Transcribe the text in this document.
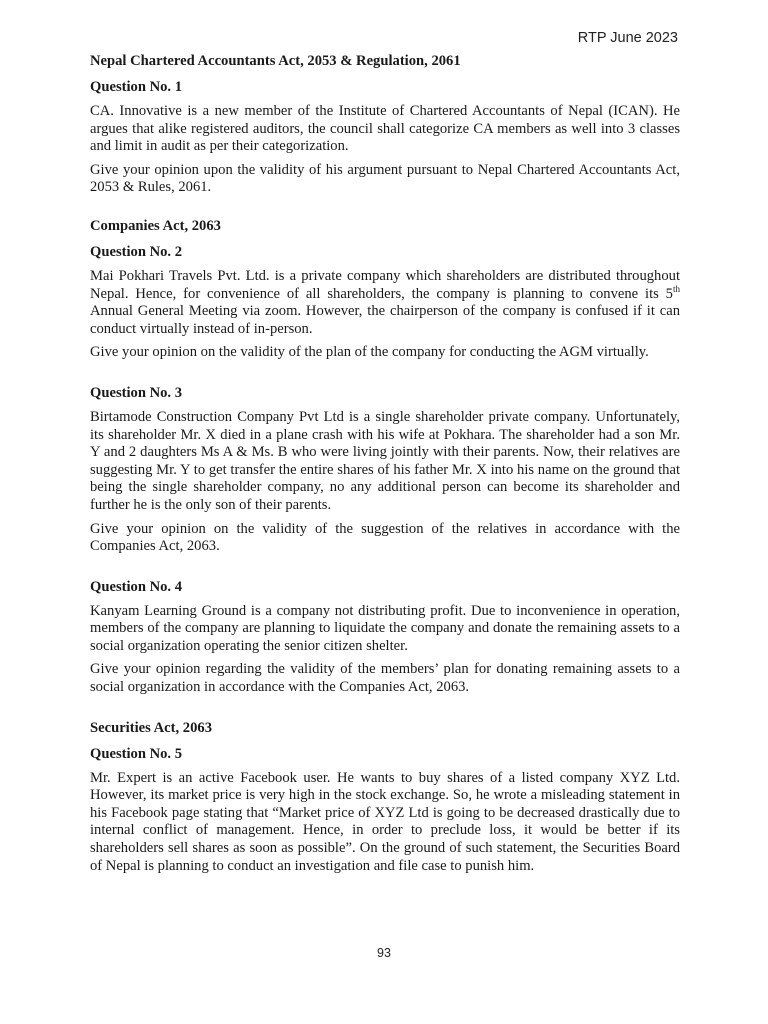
RTP June 2023
Nepal Chartered Accountants Act, 2053 & Regulation, 2061
Question No. 1

CA. Innovative is a new member of the Institute of Chartered Accountants of Nepal (ICAN). He argues that alike registered auditors, the council shall categorize CA members as well into 3 classes and limit in audit as per their categorization.

Give your opinion upon the validity of his argument pursuant to Nepal Chartered Accountants Act, 2053 & Rules, 2061.

Companies Act, 2063
Question No. 2

Mai Pokhari Travels Pvt. Ltd. is a private company which shareholders are distributed throughout Nepal. Hence, for convenience of all shareholders, the company is planning to convene its 5th Annual General Meeting via zoom. However, the chairperson of the company is confused if it can conduct virtually instead of in-person.

Give your opinion on the validity of the plan of the company for conducting the AGM virtually.

Question No. 3

Birtamode Construction Company Pvt Ltd is a single shareholder private company. Unfortunately, its shareholder Mr. X died in a plane crash with his wife at Pokhara. The shareholder had a son Mr. Y and 2 daughters Ms A & Ms. B who were living jointly with their parents. Now, their relatives are suggesting Mr. Y to get transfer the entire shares of his father Mr. X into his name on the ground that being the single shareholder company, no any additional person can become its shareholder and further he is the only son of their parents.

Give your opinion on the validity of the suggestion of the relatives in accordance with the Companies Act, 2063.

Question No. 4

Kanyam Learning Ground is a company not distributing profit. Due to inconvenience in operation, members of the company are planning to liquidate the company and donate the remaining assets to a social organization operating the senior citizen shelter.

Give your opinion regarding the validity of the members’ plan for donating remaining assets to a social organization in accordance with the Companies Act, 2063.

Securities Act, 2063
Question No. 5

Mr. Expert is an active Facebook user. He wants to buy shares of a listed company XYZ Ltd. However, its market price is very high in the stock exchange. So, he wrote a misleading statement in his Facebook page stating that “Market price of XYZ Ltd is going to be decreased drastically due to internal conflict of management. Hence, in order to preclude loss, it would be better if its shareholders sell shares as soon as possible”. On the ground of such statement, the Securities Board of Nepal is planning to conduct an investigation and file case to punish him.

93
